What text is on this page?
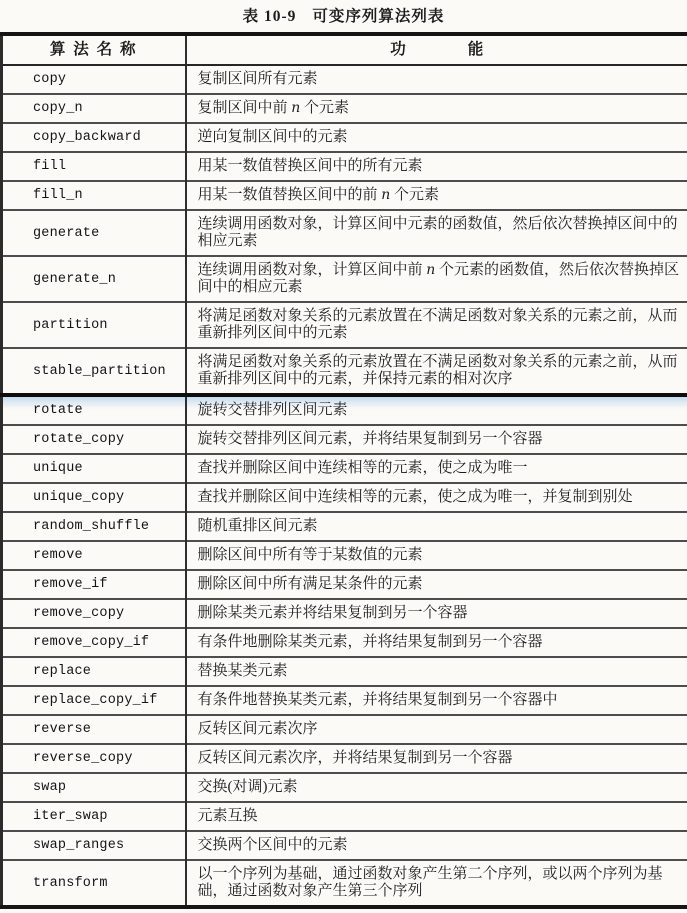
表 10-9 可变序列算法列表
算 法 名 称	功　　　　能
copy	复制区间所有元素
copy_n	复制区间中前 n 个元素
copy_backward	逆向复制区间中的元素
fill	用某一数值替换区间中的所有元素
fill_n	用某一数值替换区间中的前 n 个元素
generate	连续调用函数对象，计算区间中元素的函数值，然后依次替换掉区间中的相应元素
generate_n	连续调用函数对象，计算区间中前 n 个元素的函数值，然后依次替换掉区间中的相应元素
partition	将满足函数对象关系的元素放置在不满足函数对象关系的元素之前，从而重新排列区间中的元素
stable_partition	将满足函数对象关系的元素放置在不满足函数对象关系的元素之前，从而重新排列区间中的元素，并保持元素的相对次序
rotate	旋转交替排列区间元素
rotate_copy	旋转交替排列区间元素，并将结果复制到另一个容器
unique	查找并删除区间中连续相等的元素，使之成为唯一
unique_copy	查找并删除区间中连续相等的元素，使之成为唯一，并复制到别处
random_shuffle	随机重排区间元素
remove	删除区间中所有等于某数值的元素
remove_if	删除区间中所有满足某条件的元素
remove_copy	删除某类元素并将结果复制到另一个容器
remove_copy_if	有条件地删除某类元素，并将结果复制到另一个容器
replace	替换某类元素
replace_copy_if	有条件地替换某类元素，并将结果复制到另一个容器中
reverse	反转区间元素次序
reverse_copy	反转区间元素次序，并将结果复制到另一个容器
swap	交换(对调)元素
iter_swap	元素互换
swap_ranges	交换两个区间中的元素
transform	以一个序列为基础，通过函数对象产生第二个序列，或以两个序列为基础，通过函数对象产生第三个序列
